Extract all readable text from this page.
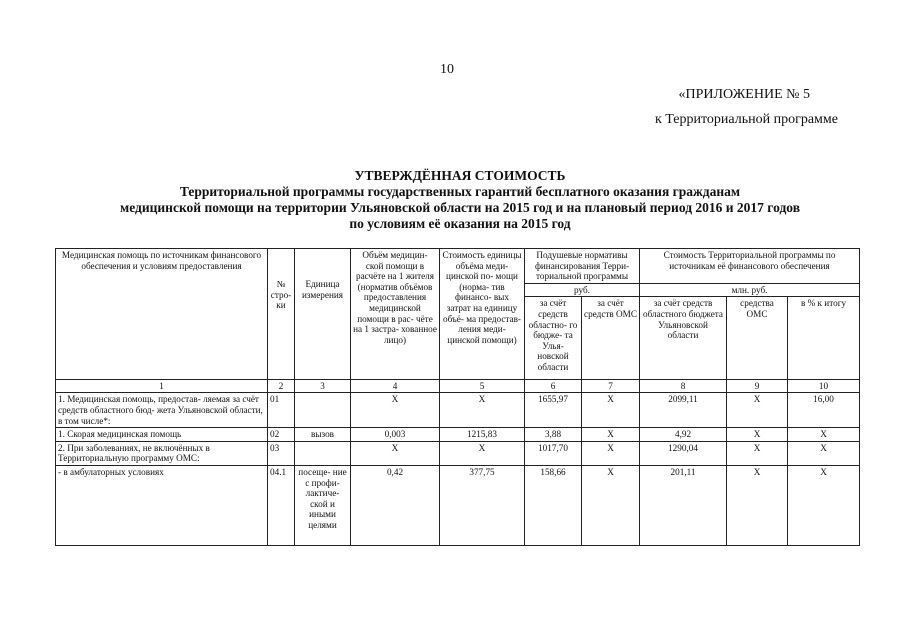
10
«ПРИЛОЖЕНИЕ № 5
к Территориальной программе
УТВЕРЖДЁННАЯ СТОИМОСТЬ
Территориальной программы государственных гарантий бесплатного оказания гражданам
медицинской помощи на территории Ульяновской области на 2015 год и на плановый период 2016 и 2017 годов
по условиям её оказания на 2015 год
Медицинская помощь по источникам финансового обеспечения и условиям предоставления	№ стро- ки	Единица измерения	Объём медицин- ской помощи в расчёте на 1 жителя (норматив объёмов предоставления медицинской помощи в рас- чёте на 1 застра- хованное лицо)	Стоимость единицы объёма меди- цинской по- мощи (норма- тив финансо- вых затрат на единицу объё- ма предостав- ления меди- цинской помощи)	Подушевые нормативы финансирования Терри- ториальной программы		Стоимость Территориальной программы по источникам её финансового обеспечения		
					руб.		млн. руб.		
					за счёт средств областно- го бюдже- та Улья- новской области	за счёт средств ОМС	за счёт средств областного бюджета Ульяновской области	средства ОМС	в % к итогу
1	2	3	4	5	6	7	8	9	10
1. Медицинская помощь, предостав- ляемая за счёт средств областного бюд- жета Ульяновской области, в том числе*:	01		X	X	1655,97	X	2099,11	X	16,00
1. Скорая медицинская помощь	02	вызов	0,003	1215,83	3,88	X	4,92	X	X
2. При заболеваниях, не включённых в Территориальную программу ОМС:	03		X	X	1017,70	X	1290,04	X	X
- в амбулаторных условиях	04.1	посеще- ние с профи- лактиче- ской и иными целями	0,42	377,75	158,66	X	201,11	X	X
